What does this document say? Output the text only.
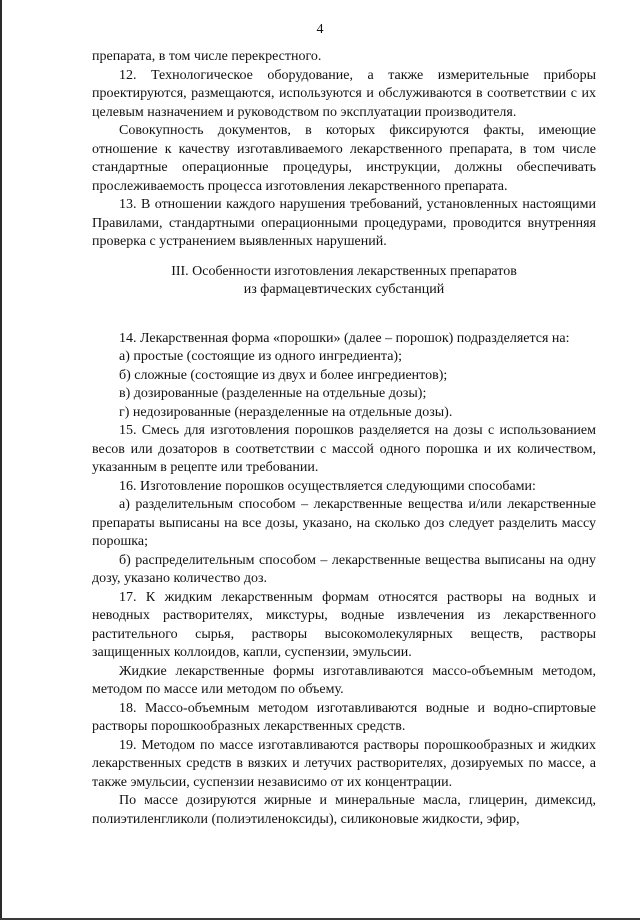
4

препарата, в том числе перекрестного.

12. Технологическое оборудование, а также измерительные приборы проектируются, размещаются, используются и обслуживаются в соответствии с их целевым назначением и руководством по эксплуатации производителя.

Совокупность документов, в которых фиксируются факты, имеющие отношение к качеству изготавливаемого лекарственного препарата, в том числе стандартные операционные процедуры, инструкции, должны обеспечивать прослеживаемость процесса изготовления лекарственного препарата.

13. В отношении каждого нарушения требований, установленных настоящими Правилами, стандартными операционными процедурами, проводится внутренняя проверка с устранением выявленных нарушений.

III. Особенности изготовления лекарственных препаратов

из фармацевтических субстанций

14. Лекарственная форма «порошки» (далее – порошок) подразделяется на:

а) простые (состоящие из одного ингредиента);

б) сложные (состоящие из двух и более ингредиентов);

в) дозированные (разделенные на отдельные дозы);

г) недозированные (неразделенные на отдельные дозы).

15. Смесь для изготовления порошков разделяется на дозы с использованием весов или дозаторов в соответствии с массой одного порошка и их количеством, указанным в рецепте или требовании.

16. Изготовление порошков осуществляется следующими способами:

а) разделительным способом – лекарственные вещества и/или лекарственные препараты выписаны на все дозы, указано, на сколько доз следует разделить массу порошка;

б) распределительным способом – лекарственные вещества выписаны на одну дозу, указано количество доз.

17. К жидким лекарственным формам относятся растворы на водных и неводных растворителях, микстуры, водные извлечения из лекарственного растительного сырья, растворы высокомолекулярных веществ, растворы защищенных коллоидов, капли, суспензии, эмульсии.

Жидкие лекарственные формы изготавливаются массо-объемным методом, методом по массе или методом по объему.

18. Массо-объемным методом изготавливаются водные и водно-спиртовые растворы порошкообразных лекарственных средств.

19. Методом по массе изготавливаются растворы порошкообразных и жидких лекарственных средств в вязких и летучих растворителях, дозируемых по массе, а также эмульсии, суспензии независимо от их концентрации.

По массе дозируются жирные и минеральные масла, глицерин, димексид, полиэтиленгликоли (полиэтиленоксиды), силиконовые жидкости, эфир,
